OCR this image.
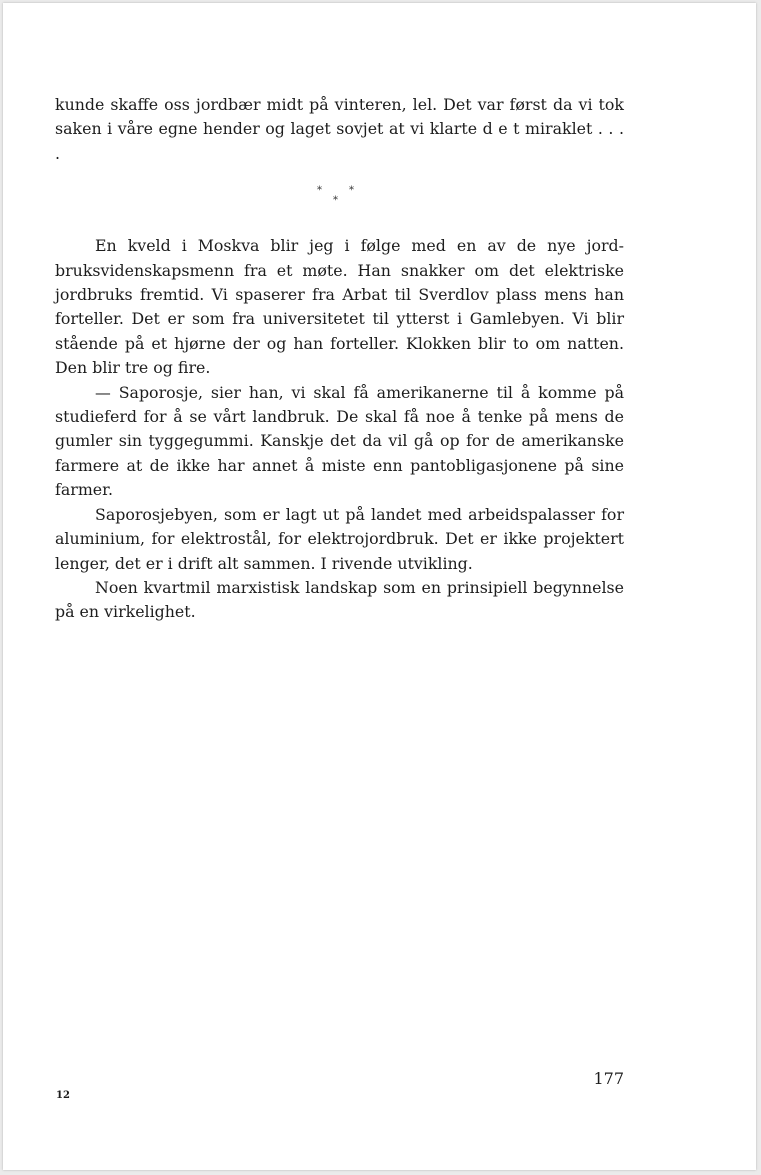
kunde skaffe oss jordbær midt på vinteren, lel. Det var først da vi tok saken i våre egne hender og laget sovjet at vi klarte d e t miraklet . . . .

*	*
*

En kveld i Moskva blir jeg i følge med en av de nye jordbruksvidenskapsmenn fra et møte. Han snakker om det elektriske jordbruks fremtid. Vi spaserer fra Arbat til Sverdlov plass mens han forteller. Det er som fra universitetet til ytterst i Gamlebyen. Vi blir stående på et hjørne der og han forteller. Klokken blir to om natten. Den blir tre og fire.

— Saporosje, sier han, vi skal få amerikanerne til å komme på studieferd for å se vårt landbruk. De skal få noe å tenke på mens de gumler sin tyggegummi. Kanskje det da vil gå op for de amerikanske farmere at de ikke har annet å miste enn pantobligasjonene på sine farmer.

Saporosjebyen, som er lagt ut på landet med arbeidspalasser for aluminium, for elektrostål, for elektrojordbruk. Det er ikke projektert lenger, det er i drift alt sammen. I rivende utvikling.

Noen kvartmil marxistisk landskap som en prinsipiell begynnelse på en virkelighet.

177
12
